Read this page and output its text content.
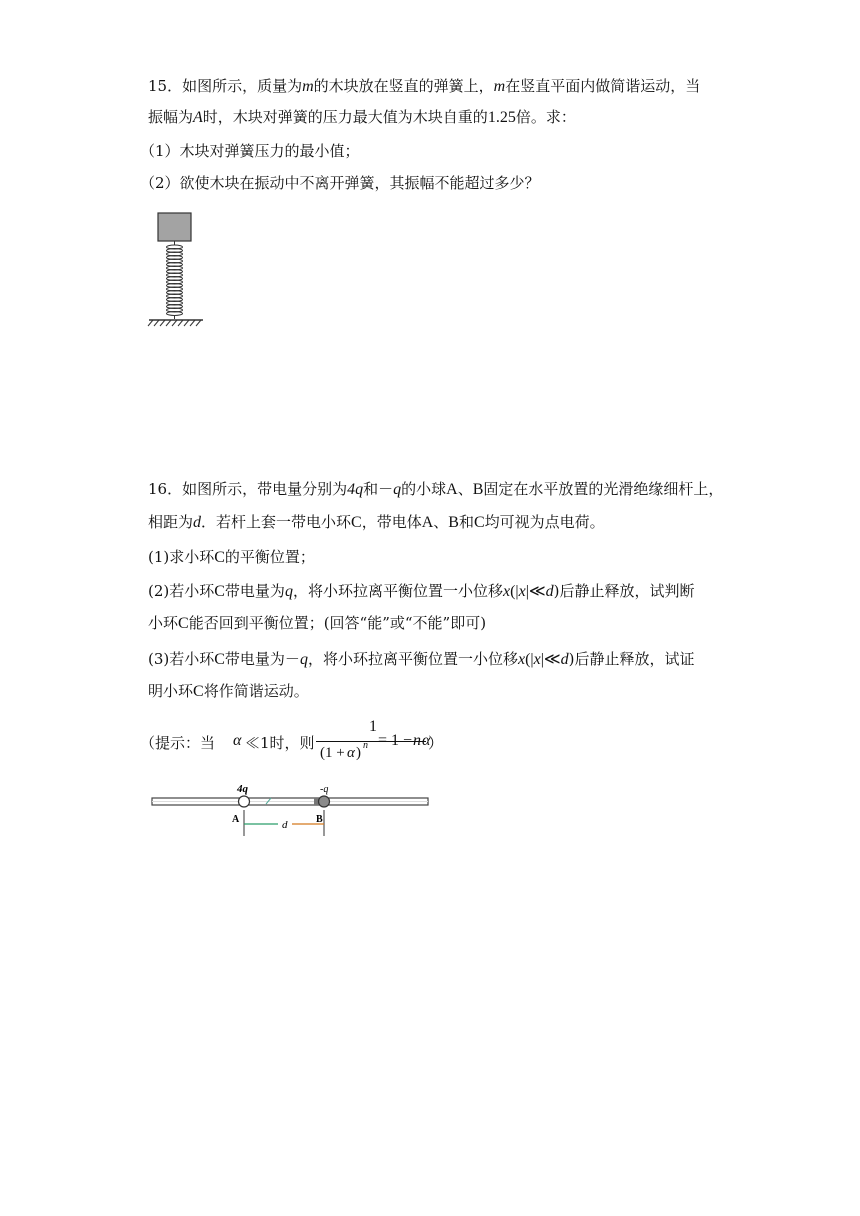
15．如图所示，质量为m的木块放在竖直的弹簧上，m在竖直平面内做简谐运动，当
振幅为A时，木块对弹簧的压力最大值为木块自重的1.25倍。求：
（1）木块对弹簧压力的最小值；
（2）欲使木块在振动中不离开弹簧，其振幅不能超过多少？
16．如图所示，带电量分别为4q和－q的小球A、B固定在水平放置的光滑绝缘细杆上，
相距为d．若杆上套一带电小环C，带电体A、B和C均可视为点电荷。
(1)求小环C的平衡位置；
(2)若小环C带电量为q，将小环拉离平衡位置一小位移x(|x|≪d)后静止释放，试判断
小环C能否回到平衡位置；(回答“能”或“不能”即可)
(3)若小环C带电量为－q，将小环拉离平衡位置一小位移x(|x|≪d)后静止释放，试证
明小环C将作简谐运动。
（提示：当 α ≪1时，则
1
(1 + α ) n = 1 − n α
）
4q	-q
A	B
d
